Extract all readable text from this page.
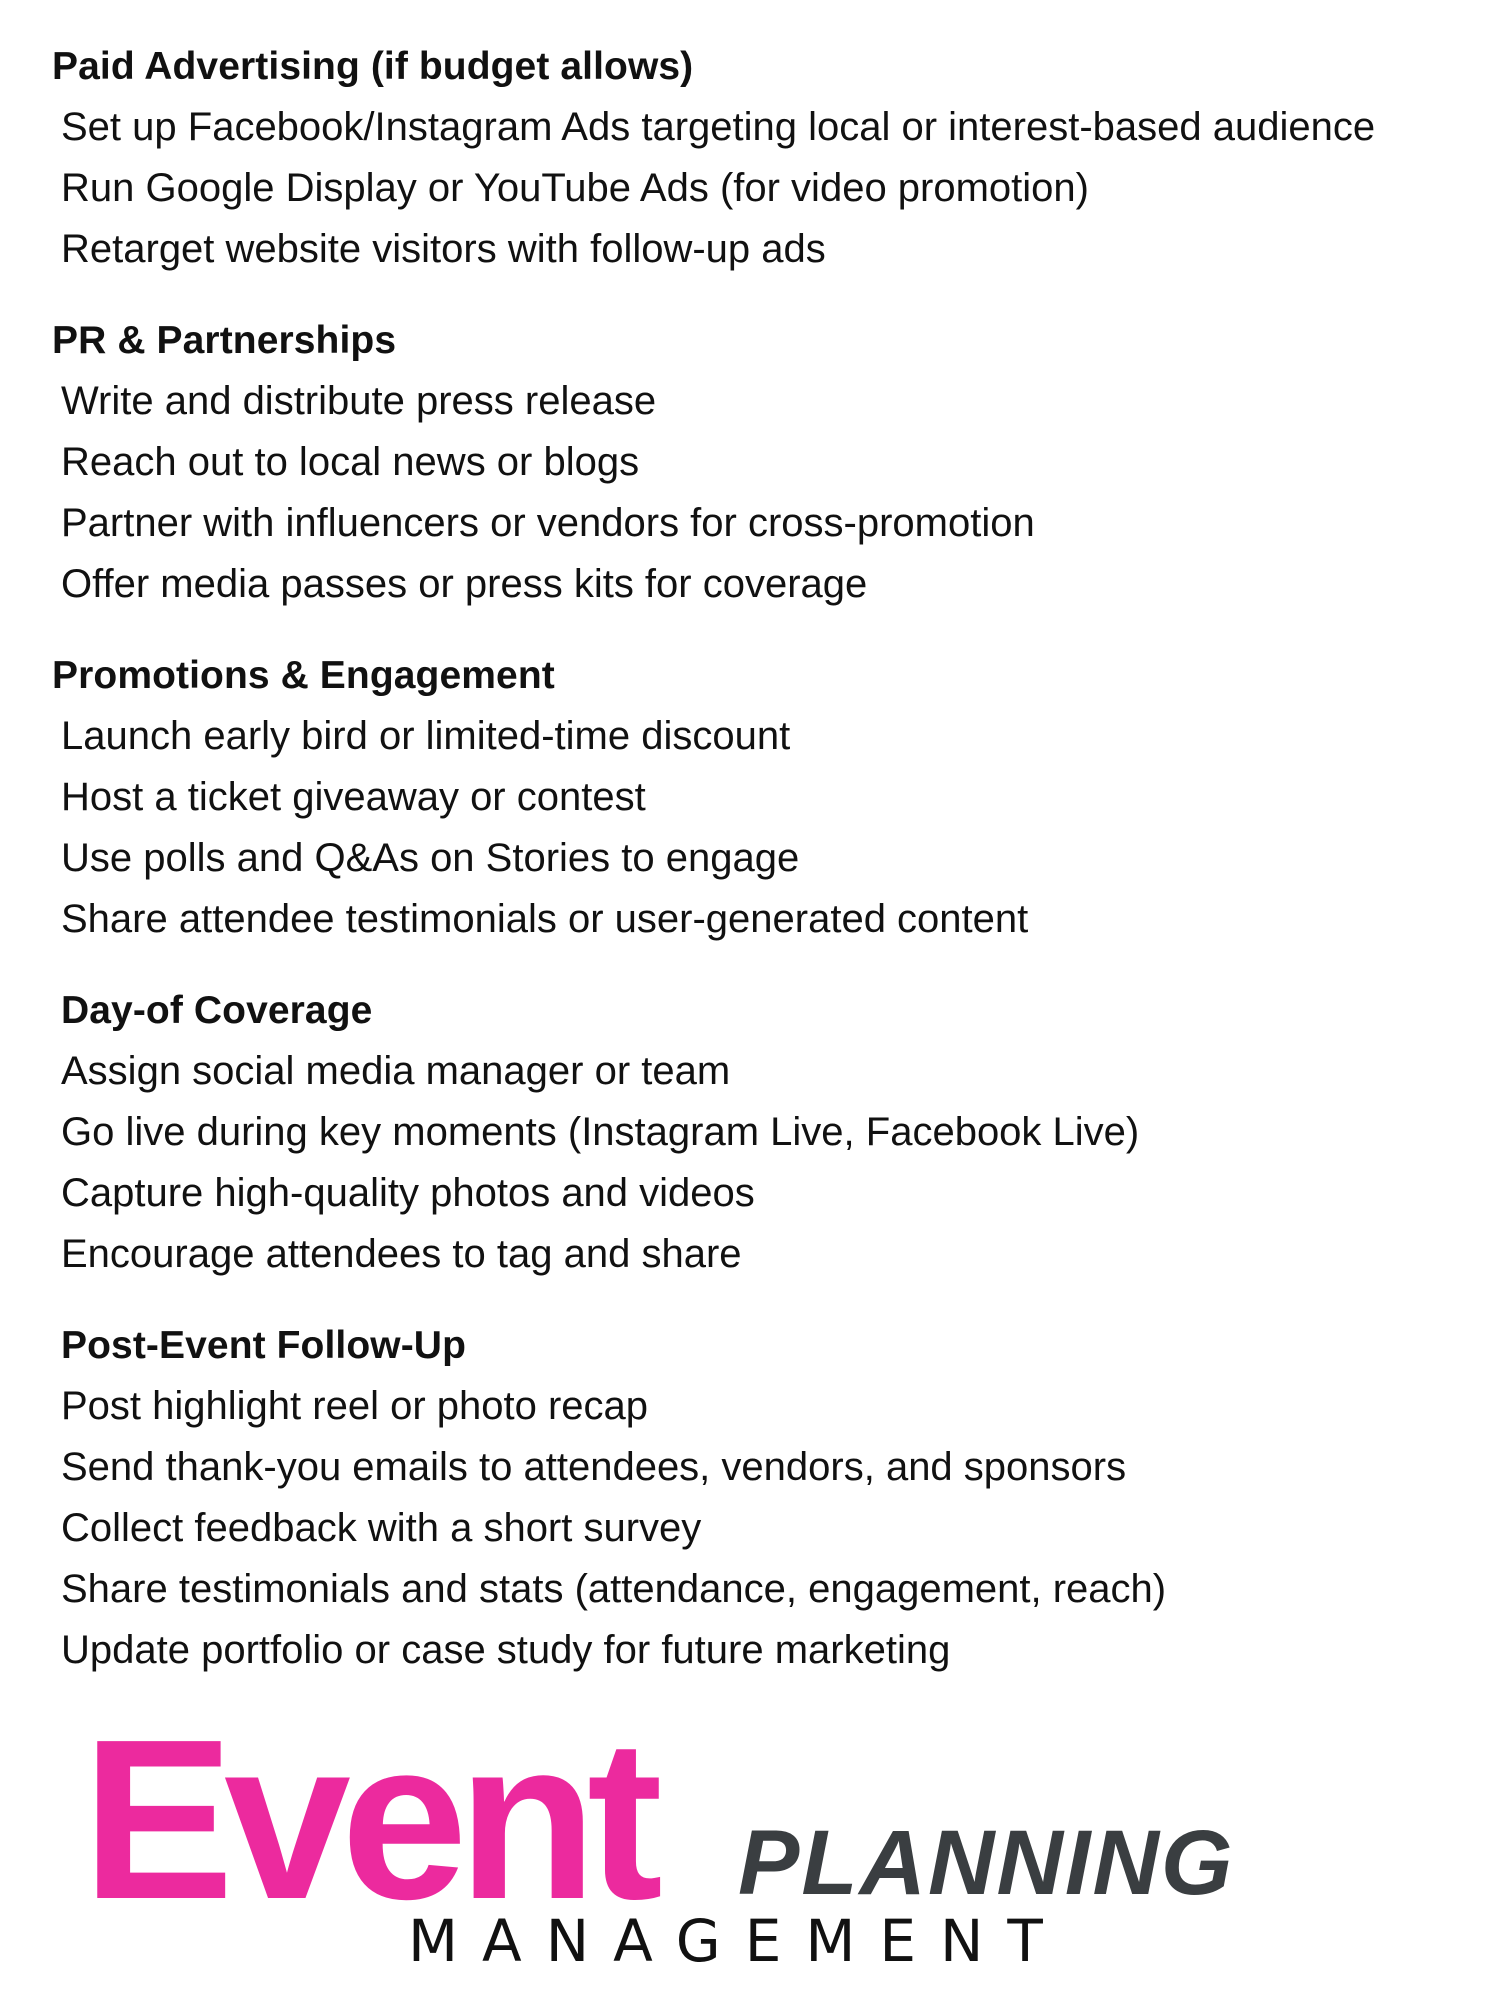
Paid Advertising (if budget allows)
Set up Facebook/Instagram Ads targeting local or interest-based audience
Run Google Display or YouTube Ads (for video promotion)
Retarget website visitors with follow-up ads
PR & Partnerships
Write and distribute press release
Reach out to local news or blogs
Partner with influencers or vendors for cross-promotion
Offer media passes or press kits for coverage
Promotions & Engagement
Launch early bird or limited-time discount
Host a ticket giveaway or contest
Use polls and Q&As on Stories to engage
Share attendee testimonials or user-generated content
Day-of Coverage
Assign social media manager or team
Go live during key moments (Instagram Live, Facebook Live)
Capture high-quality photos and videos
Encourage attendees to tag and share
Post-Event Follow-Up
Post highlight reel or photo recap
Send thank-you emails to attendees, vendors, and sponsors
Collect feedback with a short survey
Share testimonials and stats (attendance, engagement, reach)
Update portfolio or case study for future marketing
Event PLANNING
MANAGEMENT
